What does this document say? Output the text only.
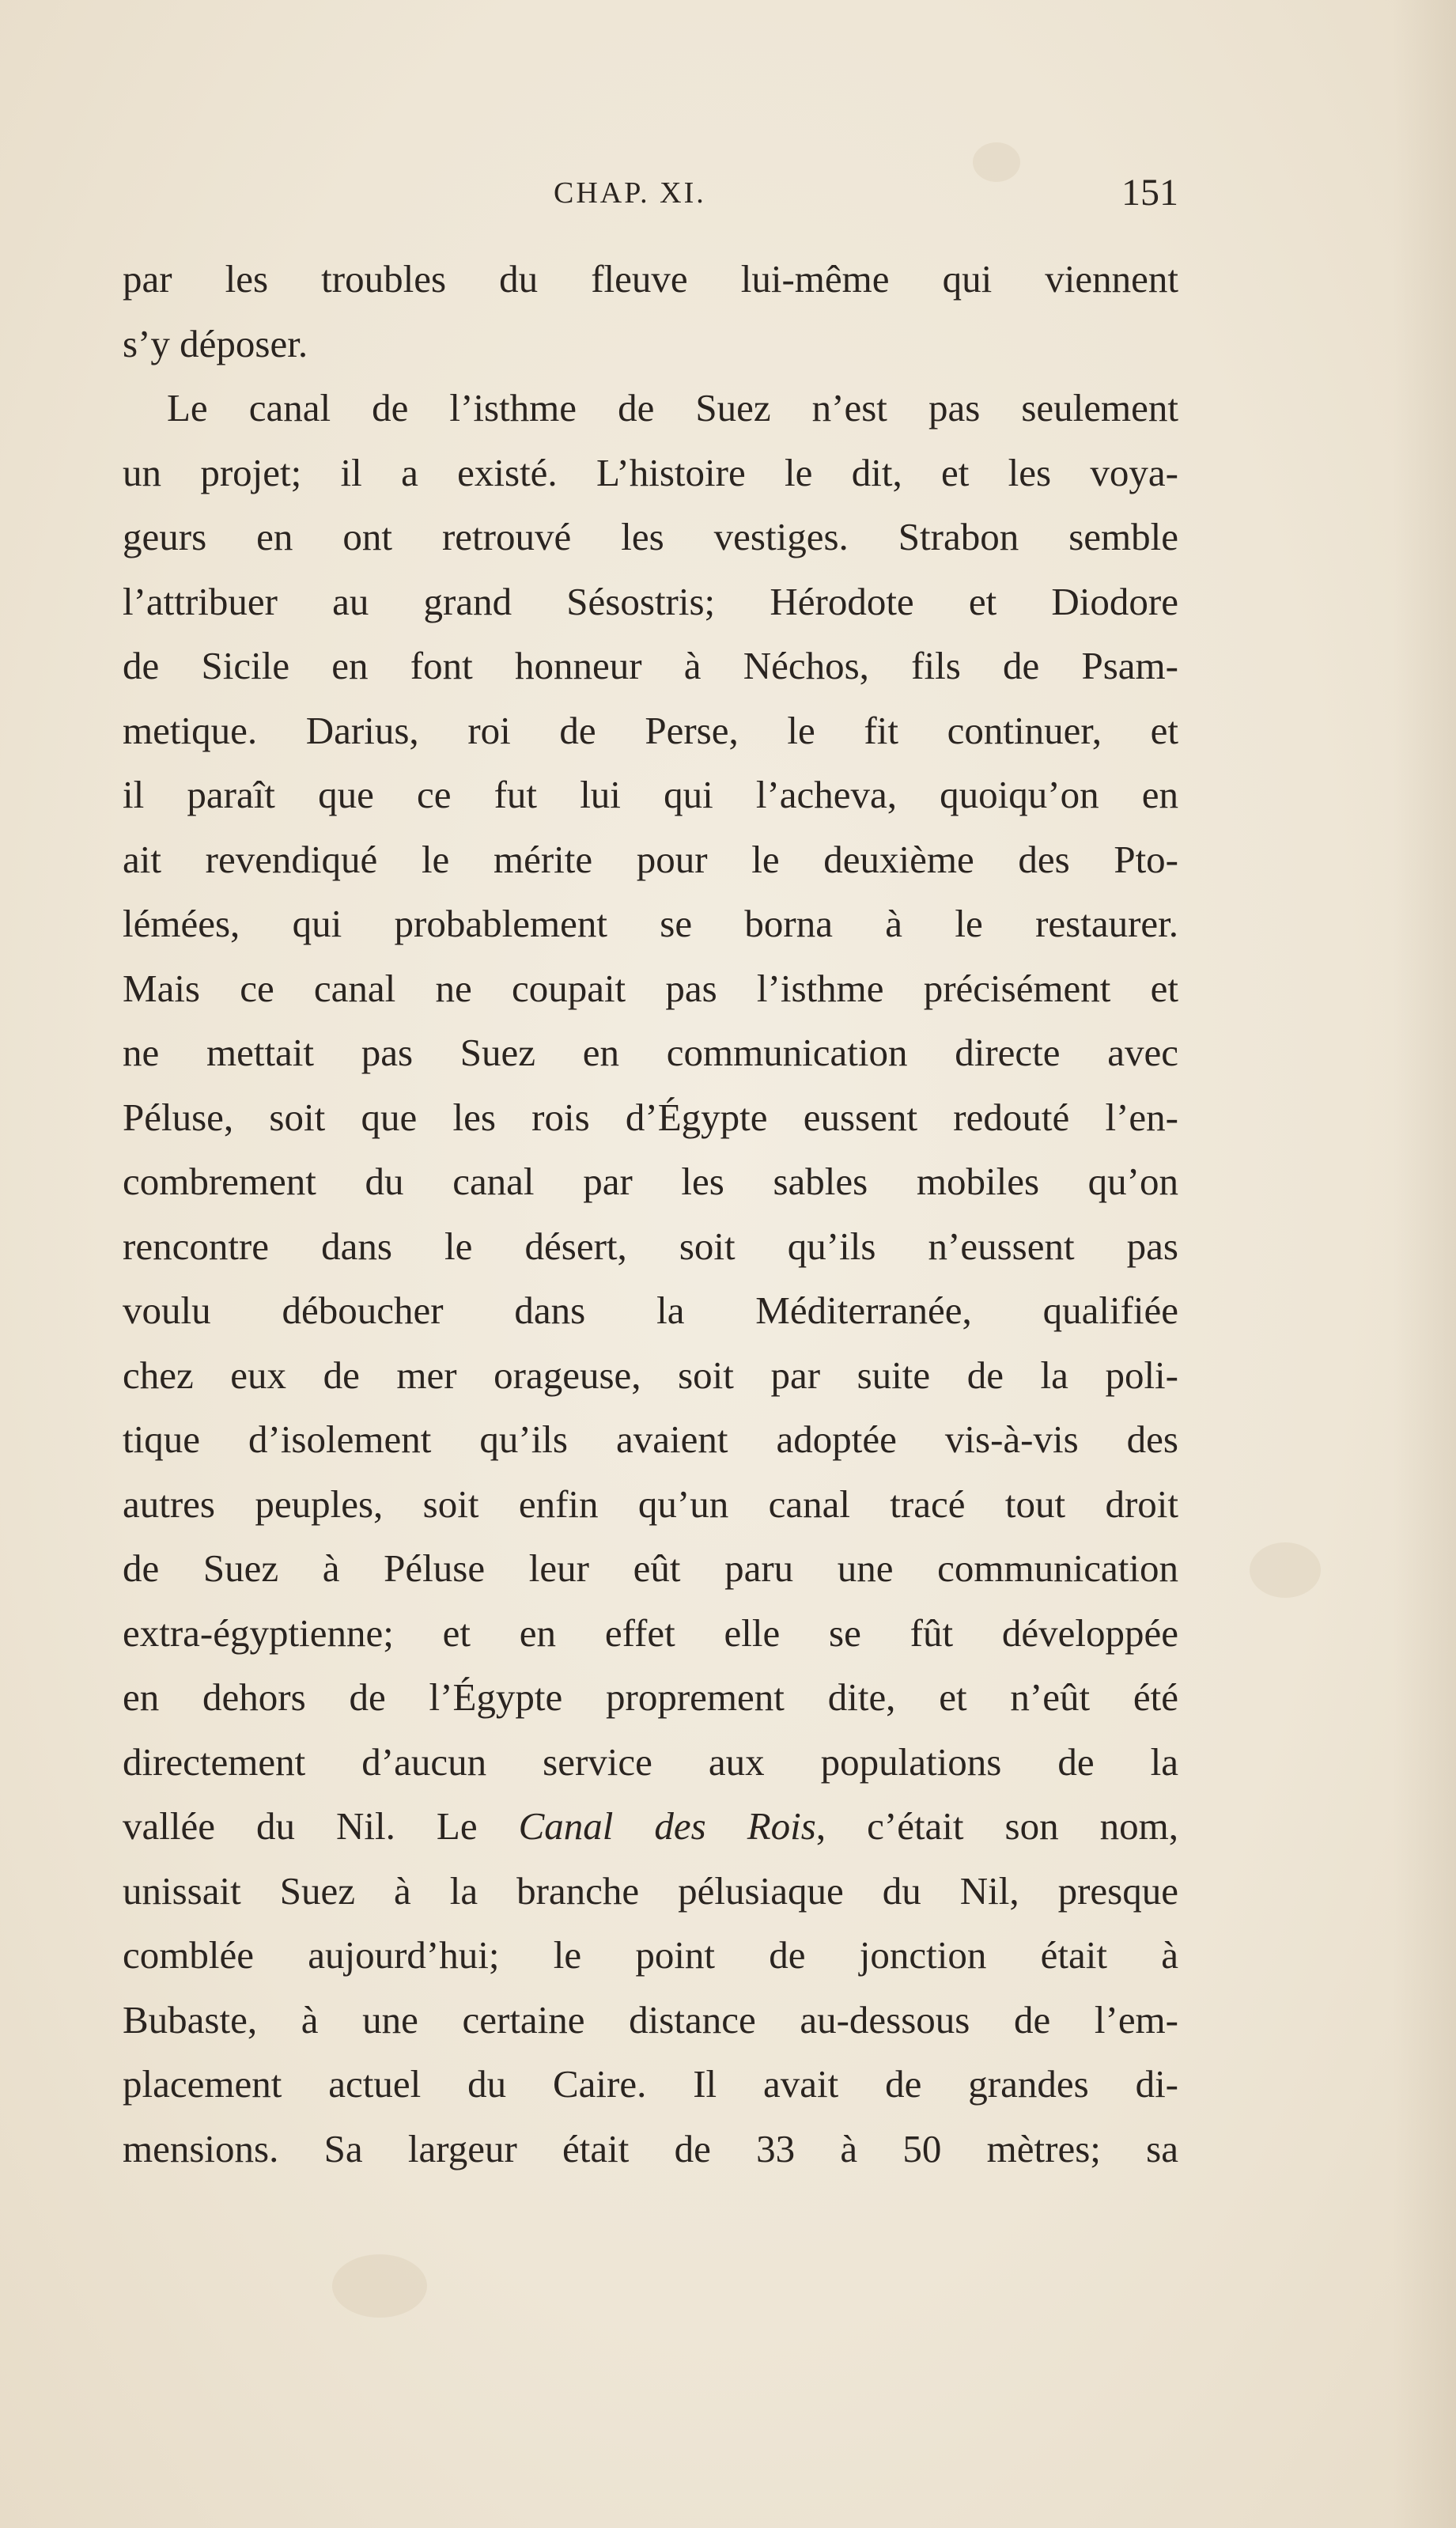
CHAP. XI.	151
par les troubles du fleuve lui-même qui viennent
s’y déposer.
Le canal de l’isthme de Suez n’est pas seulement
un projet; il a existé. L’histoire le dit, et les voya-
geurs en ont retrouvé les vestiges. Strabon semble
l’attribuer au grand Sésostris; Hérodote et Diodore
de Sicile en font honneur à Néchos, fils de Psam-
metique. Darius, roi de Perse, le fit continuer, et
il paraît que ce fut lui qui l’acheva, quoiqu’on en
ait revendiqué le mérite pour le deuxième des Pto-
lémées, qui probablement se borna à le restaurer.
Mais ce canal ne coupait pas l’isthme précisément et
ne mettait pas Suez en communication directe avec
Péluse, soit que les rois d’Égypte eussent redouté l’en-
combrement du canal par les sables mobiles qu’on
rencontre dans le désert, soit qu’ils n’eussent pas
voulu déboucher dans la Méditerranée, qualifiée
chez eux de mer orageuse, soit par suite de la poli-
tique d’isolement qu’ils avaient adoptée vis-à-vis des
autres peuples, soit enfin qu’un canal tracé tout droit
de Suez à Péluse leur eût paru une communication
extra-égyptienne; et en effet elle se fût développée
en dehors de l’Égypte proprement dite, et n’eût été
directement d’aucun service aux populations de la
vallée du Nil. Le Canal des Rois, c’était son nom,
unissait Suez à la branche pélusiaque du Nil, presque
comblée aujourd’hui; le point de jonction était à
Bubaste, à une certaine distance au-dessous de l’em-
placement actuel du Caire. Il avait de grandes di-
mensions. Sa largeur était de 33 à 50 mètres; sa
